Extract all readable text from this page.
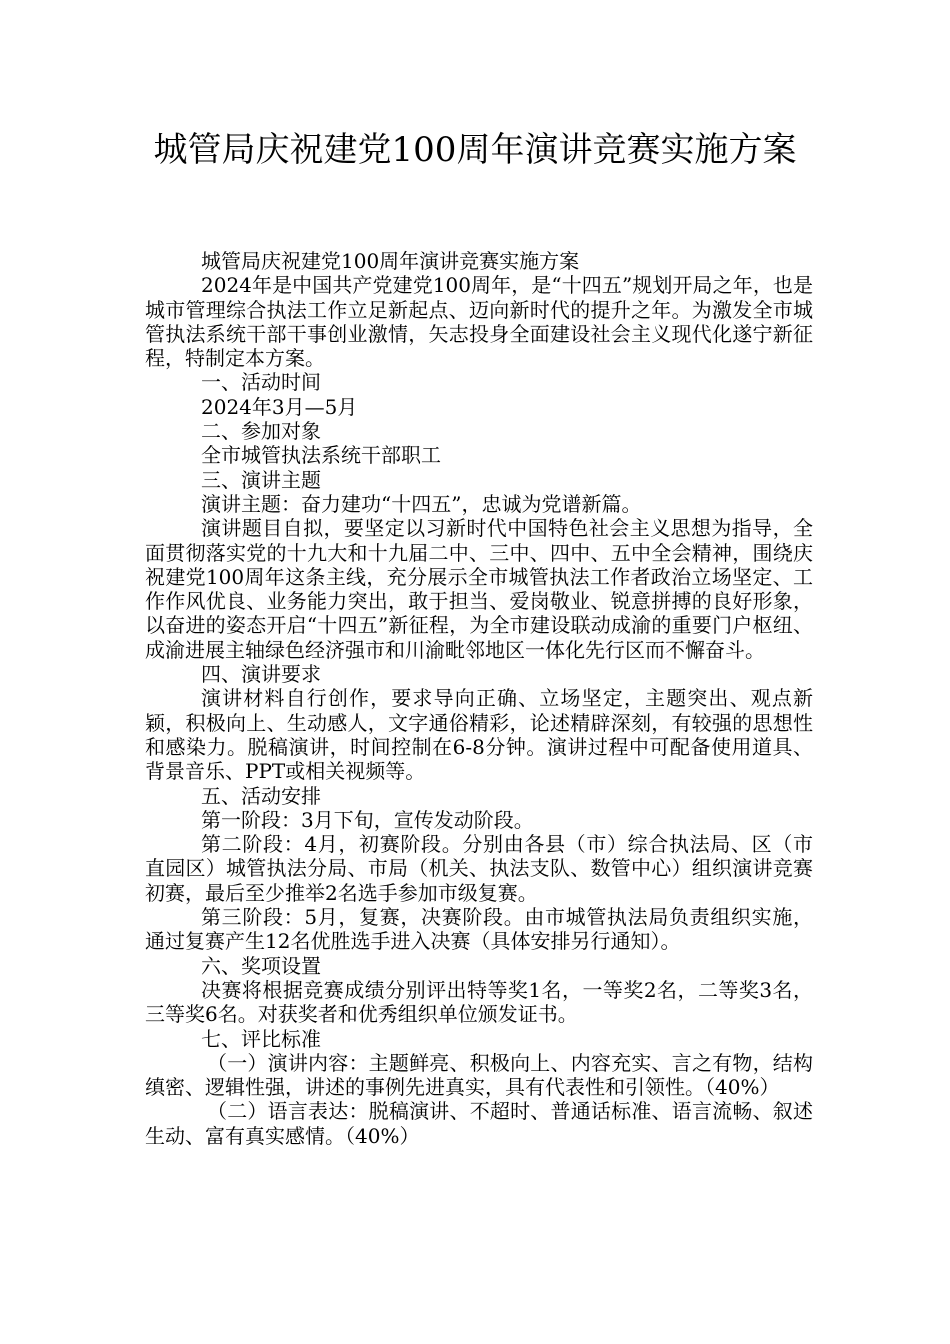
城管局庆祝建党100周年演讲竞赛实施方案

城管局庆祝建党100周年演讲竞赛实施方案

2024年是中国共产党建党100周年，是“十四五”规划开局之年，也是城市管理综合执法工作立足新起点、迈向新时代的提升之年。为激发全市城管执法系统干部干事创业激情，矢志投身全面建设社会主义现代化遂宁新征程，特制定本方案。

一、活动时间

2024年3月—5月

二、参加对象

全市城管执法系统干部职工

三、演讲主题

演讲主题：奋力建功“十四五”，忠诚为党谱新篇。

演讲题目自拟，要坚定以习新时代中国特色社会主义思想为指导，全面贯彻落实党的十九大和十九届二中、三中、四中、五中全会精神，围绕庆祝建党100周年这条主线，充分展示全市城管执法工作者政治立场坚定、工作作风优良、业务能力突出，敢于担当、爱岗敬业、锐意拼搏的良好形象，以奋进的姿态开启“十四五”新征程，为全市建设联动成渝的重要门户枢纽、成渝进展主轴绿色经济强市和川渝毗邻地区一体化先行区而不懈奋斗。

四、演讲要求

演讲材料自行创作，要求导向正确、立场坚定，主题突出、观点新颖，积极向上、生动感人，文字通俗精彩，论述精辟深刻，有较强的思想性和感染力。脱稿演讲，时间控制在6-8分钟。演讲过程中可配备使用道具、背景音乐、PPT或相关视频等。

五、活动安排

第一阶段：3月下旬，宣传发动阶段。

第二阶段：4月，初赛阶段。分别由各县（市）综合执法局、区（市直园区）城管执法分局、市局（机关、执法支队、数管中心）组织演讲竞赛初赛，最后至少推举2名选手参加市级复赛。

第三阶段：5月，复赛，决赛阶段。由市城管执法局负责组织实施，通过复赛产生12名优胜选手进入决赛（具体安排另行通知）。

六、奖项设置

决赛将根据竞赛成绩分别评出特等奖1名，一等奖2名，二等奖3名，三等奖6名。对获奖者和优秀组织单位颁发证书。

七、评比标准

（一）演讲内容：主题鲜亮、积极向上、内容充实、言之有物，结构缜密、逻辑性强，讲述的事例先进真实，具有代表性和引领性。（40%）

（二）语言表达：脱稿演讲、不超时、普通话标准、语言流畅、叙述生动、富有真实感情。（40%）
